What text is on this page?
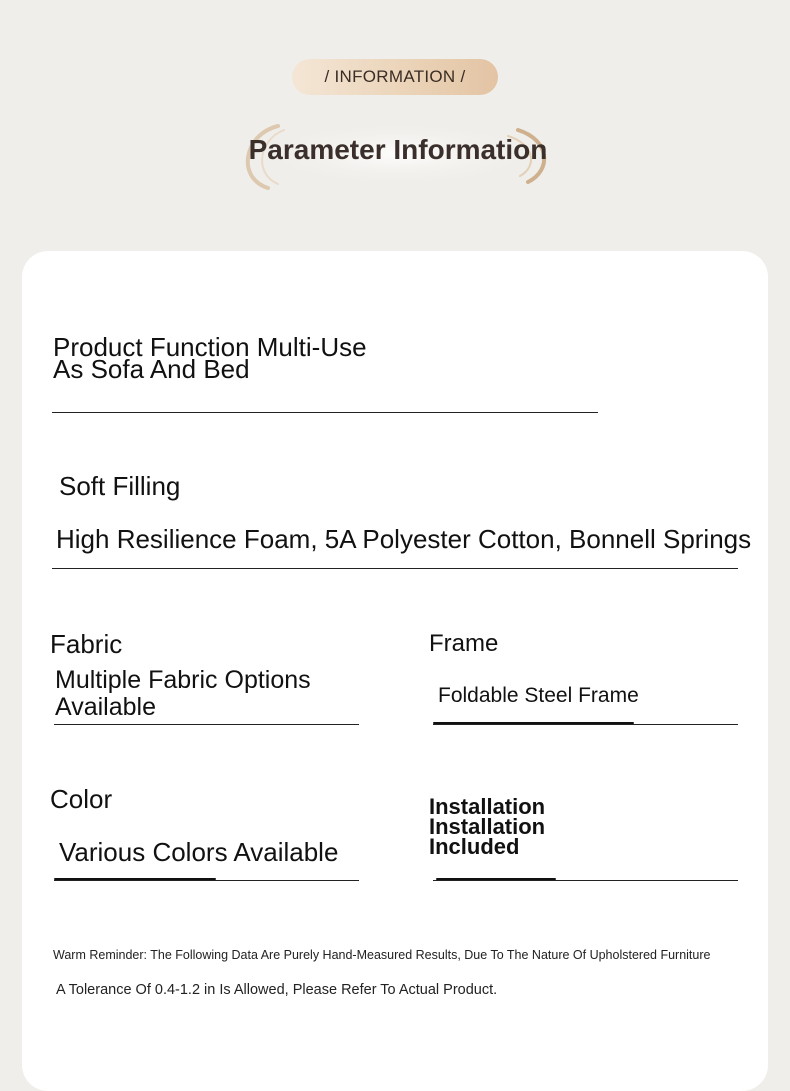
/ INFORMATION /
Parameter Information
Product Function Multi-Use
As Sofa And Bed
Soft Filling
High Resilience Foam, 5A Polyester Cotton, Bonnell Springs
Fabric
Multiple Fabric Options
Available
Frame
Foldable Steel Frame
Color
Various Colors Available
Installation
Installation
Included
Warm Reminder: The Following Data Are Purely Hand-Measured Results, Due To The Nature Of Upholstered Furniture
A Tolerance Of 0.4-1.2 in Is Allowed, Please Refer To Actual Product.
